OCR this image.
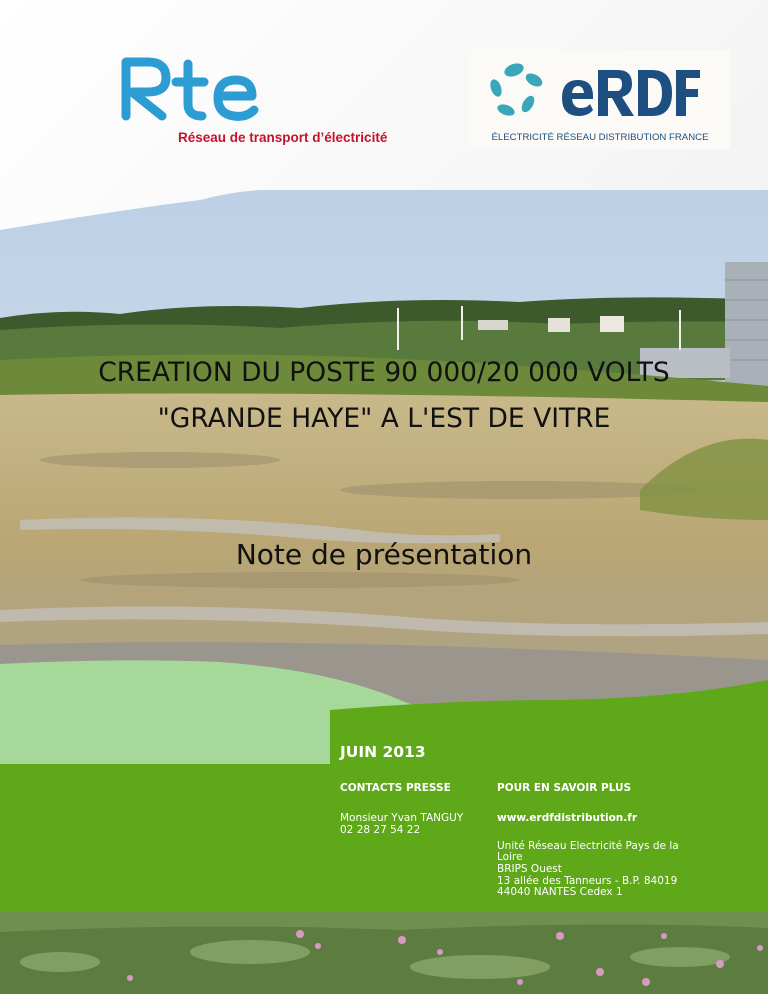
Réseau de transport d’électricité	ÉLECTRICITÉ RÉSEAU DISTRIBUTION FRANCE
CREATION DU POSTE 90 000/20 000 VOLTS
"GRANDE HAYE" A L'EST DE VITRE
Note de présentation
JUIN 2013
CONTACTS PRESSE	POUR EN SAVOIR PLUS
Monsieur Yvan TANGUY
02 28 27 54 22
www.erdfdistribution.fr
Unité Réseau Electricité Pays de la
Loire
BRIPS Ouest
13 allée des Tanneurs - B.P. 84019
44040 NANTES Cedex 1
